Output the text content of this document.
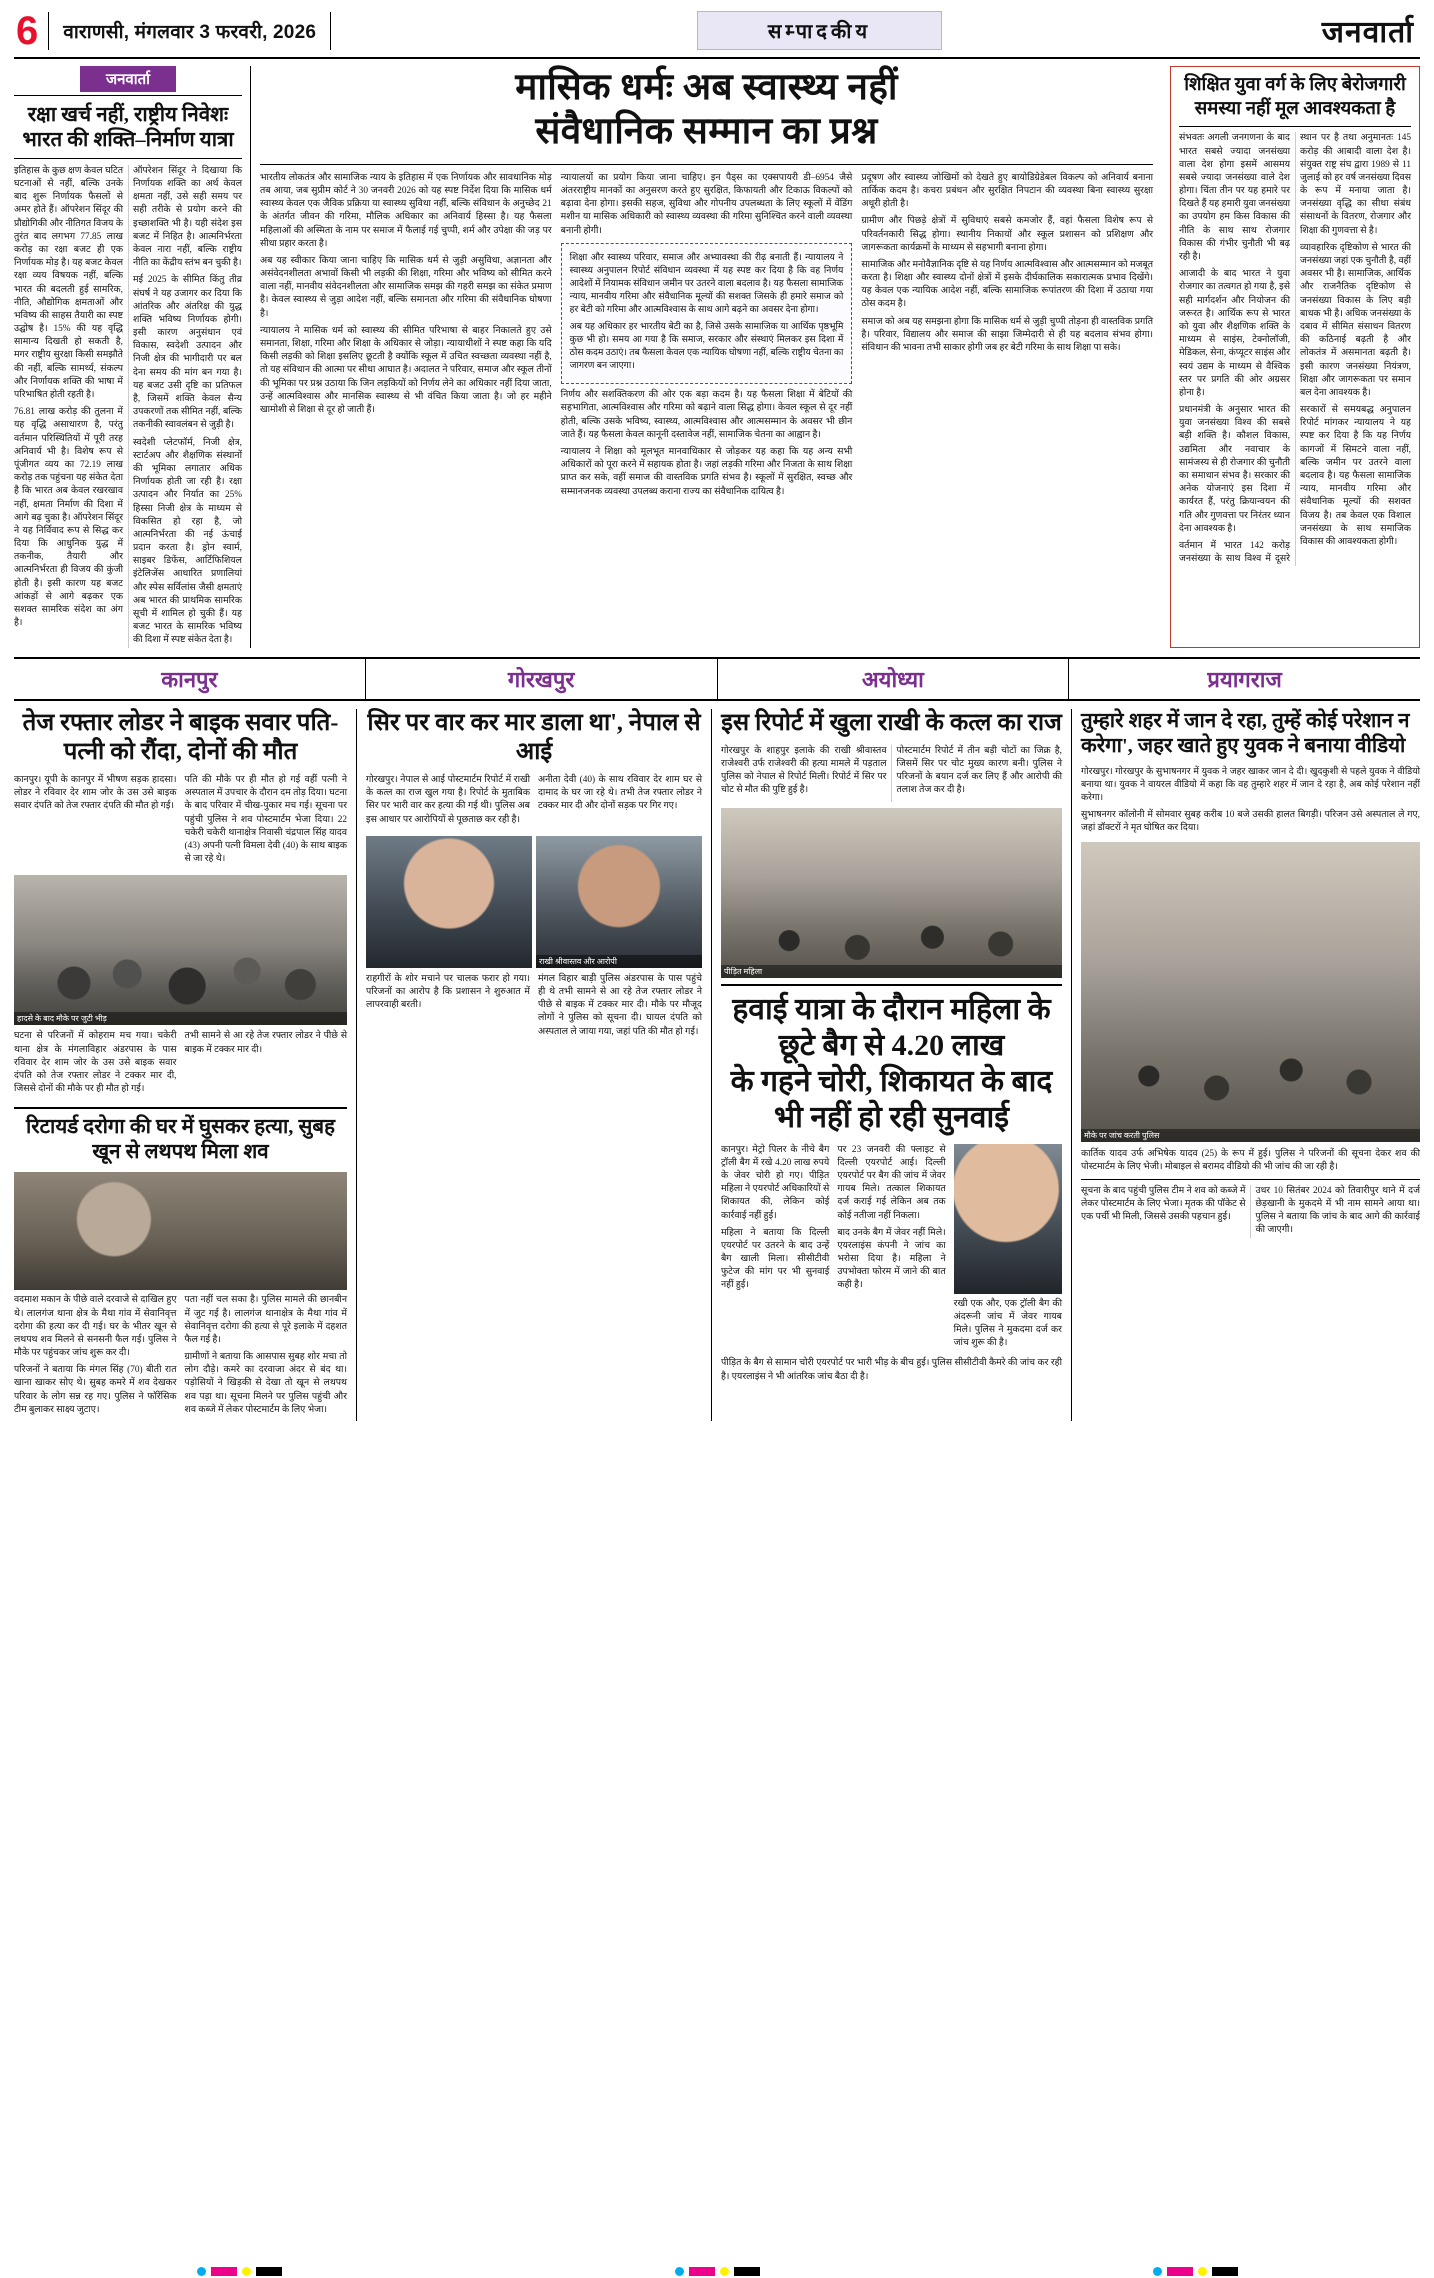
6	वाराणसी, मंगलवार 3 फरवरी, 2026	सम्पादकीय	जनवार्ता
जनवार्ता
रक्षा खर्च नहीं, राष्ट्रीय निवेशः
भारत की शक्ति–निर्माण यात्रा

इतिहास के कुछ क्षण केवल घटित घटनाओं से नहीं, बल्कि उनके बाद शुरू निर्णायक फैसलों से अमर होते हैं। ऑपरेशन सिंदूर की प्रौद्योगिकी और नीतिगत विजय के तुरंत बाद लगभग 77.85 लाख करोड़ का रक्षा बजट ही एक निर्णायक मोड़ है। यह बजट केवल रक्षा व्यय विषयक नहीं, बल्कि भारत की बदलती हुई सामरिक, नीति, औद्योगिक क्षमताओं और भविष्य की साहस तैयारी का स्पष्ट उद्घोष है। 15% की यह वृद्धि सामान्य दिखती हो सकती है, मगर राष्ट्रीय सुरक्षा किसी समझौते की नहीं, बल्कि सामर्थ्य, संकल्प और निर्णायक शक्ति की भाषा में परिभाषित होती रहती है।

76.81 लाख करोड़ की तुलना में यह वृद्धि असाधारण है, परंतु वर्तमान परिस्थितियों में पूरी तरह अनिवार्य भी है। विशेष रूप से पूंजीगत व्यय का 72.19 लाख करोड़ तक पहुंचना यह संकेत देता है कि भारत अब केवल रखरखाव नहीं, क्षमता निर्माण की दिशा में आगे बढ़ चुका है। ऑपरेशन सिंदूर ने यह निर्विवाद रूप से सिद्ध कर दिया कि आधुनिक युद्ध में तकनीक, तैयारी और आत्मनिर्भरता ही विजय की कुंजी होती है। इसी कारण यह बजट आंकड़ों से आगे बढ़कर एक सशक्त सामरिक संदेश का अंग है।

ऑपरेशन सिंदूर ने दिखाया कि निर्णायक शक्ति का अर्थ केवल क्षमता नहीं, उसे सही समय पर सही तरीके से प्रयोग करने की इच्छाशक्ति भी है। यही संदेश इस बजट में निहित है। आत्मनिर्भरता केवल नारा नहीं, बल्कि राष्ट्रीय नीति का केंद्रीय स्तंभ बन चुकी है।

मई 2025 के सीमित किंतु तीव्र संघर्ष ने यह उजागर कर दिया कि आंतरिक और अंतरिक्ष की युद्ध शक्ति भविष्य निर्णायक होगी। इसी कारण अनुसंधान एवं विकास, स्वदेशी उत्पादन और निजी क्षेत्र की भागीदारी पर बल देना समय की मांग बन गया है। यह बजट उसी दृष्टि का प्रतिफल है, जिसमें शक्ति केवल सैन्य उपकरणों तक सीमित नहीं, बल्कि तकनीकी स्वावलंबन से जुड़ी है।

स्वदेशी प्लेटफॉर्म, निजी क्षेत्र, स्टार्टअप और शैक्षणिक संस्थानों की भूमिका लगातार अधिक निर्णायक होती जा रही है। रक्षा उत्पादन और निर्यात का 25% हिस्सा निजी क्षेत्र के माध्यम से विकसित हो रहा है, जो आत्मनिर्भरता की नई ऊंचाई प्रदान करता है। ड्रोन स्वार्म, साइबर डिफेंस, आर्टिफिशियल इंटेलिजेंस आधारित प्रणालियां और स्पेस सर्विलांस जैसी क्षमताएं अब भारत की प्राथमिक सामरिक सूची में शामिल हो चुकी हैं। यह बजट भारत के सामरिक भविष्य की दिशा में स्पष्ट संकेत देता है।

मासिक धर्मः अब स्वास्थ्य नहीं
संवैधानिक सम्मान का प्रश्न

भारतीय लोकतंत्र और सामाजिक न्याय के इतिहास में एक निर्णायक और सावधानिक मोड़ तब आया, जब सुप्रीम कोर्ट ने 30 जनवरी 2026 को यह स्पष्ट निर्देश दिया कि मासिक धर्म स्वास्थ्य केवल एक जैविक प्रक्रिया या स्वास्थ्य सुविधा नहीं, बल्कि संविधान के अनुच्छेद 21 के अंतर्गत जीवन की गरिमा, मौलिक अधिकार का अनिवार्य हिस्सा है। यह फैसला महिलाओं की अस्मिता के नाम पर समाज में फैलाई गई चुप्पी, शर्म और उपेक्षा की जड़ पर सीधा प्रहार करता है।

अब यह स्वीकार किया जाना चाहिए कि मासिक धर्म से जुड़ी असुविधा, अज्ञानता और असंवेदनशीलता अभावों किसी भी लड़की की शिक्षा, गरिमा और भविष्य को सीमित करने वाला नहीं, मानवीय संवेदनशीलता और सामाजिक समझ की गहरी समझ का संकेत प्रमाण है। केवल स्वास्थ्य से जुड़ा आदेश नहीं, बल्कि समानता और गरिमा की संवैधानिक घोषणा है।

न्यायालय ने मासिक धर्म को स्वास्थ्य की सीमित परिभाषा से बाहर निकालते हुए उसे समानता, शिक्षा, गरिमा और शिक्षा के अधिकार से जोड़ा। न्यायाधीशों ने स्पष्ट कहा कि यदि किसी लड़की को शिक्षा इसलिए छूटती है क्योंकि स्कूल में उचित स्वच्छता व्यवस्था नहीं है, तो यह संविधान की आत्मा पर सीधा आघात है। अदालत ने परिवार, समाज और स्कूल तीनों की भूमिका पर प्रश्न उठाया कि जिन लड़कियों को निर्णय लेने का अधिकार नहीं दिया जाता, उन्हें आत्मविश्वास और मानसिक स्वास्थ्य से भी वंचित किया जाता है। जो हर महीने खामोशी से शिक्षा से दूर हो जाती हैं।

न्यायालयों का प्रयोग किया जाना चाहिए। इन पैड्स का एक्सपायरी डी–6954 जैसे अंतरराष्ट्रीय मानकों का अनुसरण करते हुए सुरक्षित, किफायती और टिकाऊ विकल्पों को बढ़ावा देना होगा। इसकी सहज, सुविधा और गोपनीय उपलब्धता के लिए स्कूलों में वेंडिंग मशीन या मासिक अधिकारी को स्वास्थ्य व्यवस्था की गरिमा सुनिश्चित करने वाली व्यवस्था बनानी होगी।

शिक्षा और स्वास्थ्य परिवार, समाज और अभ्यावस्था की रीढ़ बनाती हैं। न्यायालय ने स्वास्थ्य अनुपालन रिपोर्ट संविधान व्यवस्था में यह स्पष्ट कर दिया है कि वह निर्णय आदेशों में नियामक संविधान जमीन पर उतरने वाला बदलाव है। यह फैसला सामाजिक न्याय, मानवीय गरिमा और संवैधानिक मूल्यों की सशक्त जिसके ही हमारे समाज को हर बेटी को गरिमा और आत्मविश्वास के साथ आगे बढ़ने का अवसर देना होगा।

अब यह अधिकार हर भारतीय बेटी का है, जिसे उसके सामाजिक या आर्थिक पृष्ठभूमि कुछ भी हो। समय आ गया है कि समाज, सरकार और संस्थाएं मिलकर इस दिशा में ठोस कदम उठाएं। तब फैसला केवल एक न्यायिक घोषणा नहीं, बल्कि राष्ट्रीय चेतना का जागरण बन जाएगा।

निर्णय और सशक्तिकरण की ओर एक बड़ा कदम है। यह फैसला शिक्षा में बेटियों की सहभागिता, आत्मविश्वास और गरिमा को बढ़ाने वाला सिद्ध होगा। केवल स्कूल से दूर नहीं होती, बल्कि उसके भविष्य, स्वास्थ्य, आत्मविश्वास और आत्मसम्मान के अवसर भी छीन जाते हैं। यह फैसला केवल कानूनी दस्तावेज नहीं, सामाजिक चेतना का आह्वान है।

न्यायालय ने शिक्षा को मूलभूत मानवाधिकार से जोड़कर यह कहा कि यह अन्य सभी अधिकारों को पूरा करने में सहायक होता है। जहां लड़की गरिमा और निजता के साथ शिक्षा प्राप्त कर सके, वहीं समाज की वास्तविक प्रगति संभव है। स्कूलों में सुरक्षित, स्वच्छ और सम्मानजनक व्यवस्था उपलब्ध कराना राज्य का संवैधानिक दायित्व है।

प्रदूषण और स्वास्थ्य जोखिमों को देखते हुए बायोडिग्रेडेबल विकल्प को अनिवार्य बनाना तार्किक कदम है। कचरा प्रबंधन और सुरक्षित निपटान की व्यवस्था बिना स्वास्थ्य सुरक्षा अधूरी होती है।

ग्रामीण और पिछड़े क्षेत्रों में सुविधाएं सबसे कमजोर हैं, वहां फैसला विशेष रूप से परिवर्तनकारी सिद्ध होगा। स्थानीय निकायों और स्कूल प्रशासन को प्रशिक्षण और जागरूकता कार्यक्रमों के माध्यम से सहभागी बनाना होगा।

सामाजिक और मनोवैज्ञानिक दृष्टि से यह निर्णय आत्मविश्वास और आत्मसम्मान को मजबूत करता है। शिक्षा और स्वास्थ्य दोनों क्षेत्रों में इसके दीर्घकालिक सकारात्मक प्रभाव दिखेंगे। यह केवल एक न्यायिक आदेश नहीं, बल्कि सामाजिक रूपांतरण की दिशा में उठाया गया ठोस कदम है।

समाज को अब यह समझना होगा कि मासिक धर्म से जुड़ी चुप्पी तोड़ना ही वास्तविक प्रगति है। परिवार, विद्यालय और समाज की साझा जिम्मेदारी से ही यह बदलाव संभव होगा। संविधान की भावना तभी साकार होगी जब हर बेटी गरिमा के साथ शिक्षा पा सके।

शिक्षित युवा वर्ग के लिए बेरोजगारी
समस्या नहीं मूल आवश्यकता है

संभवतः अगली जनगणना के बाद भारत सबसे ज्यादा जनसंख्या वाला देश होगा इसमें आसमय सबसे ज्यादा जनसंख्या वाले देश होगा। चिंता तीन पर यह हमारे पर दिखते हैं यह हमारी युवा जनसंख्या का उपयोग हम किस विकास की नीति के साथ साथ रोजगार विकास की गंभीर चुनौती भी बढ़ रही है।

आजादी के बाद भारत ने युवा रोजगार का तत्वगत हो गया है, इसे सही मार्गदर्शन और नियोजन की जरूरत है। आर्थिक रूप से भारत को युवा और शैक्षणिक शक्ति के माध्यम से साइंस, टेक्नोलॉजी, मेडिकल, सेना, कंप्यूटर साइंस और स्वयं उद्यम के माध्यम से वैश्विक स्तर पर प्रगति की ओर अग्रसर होना है।

प्रधानमंत्री के अनुसार भारत की युवा जनसंख्या विश्व की सबसे बड़ी शक्ति है। कौशल विकास, उद्यमिता और नवाचार के सामंजस्य से ही रोजगार की चुनौती का समाधान संभव है। सरकार की अनेक योजनाएं इस दिशा में कार्यरत हैं, परंतु क्रियान्वयन की गति और गुणवत्ता पर निरंतर ध्यान देना आवश्यक है।

वर्तमान में भारत 142 करोड़ जनसंख्या के साथ विश्व में दूसरे स्थान पर है तथा अनुमानतः 145 करोड़ की आबादी वाला देश है। संयुक्त राष्ट्र संघ द्वारा 1989 से 11 जुलाई को हर वर्ष जनसंख्या दिवस के रूप में मनाया जाता है। जनसंख्या वृद्धि का सीधा संबंध संसाधनों के वितरण, रोजगार और शिक्षा की गुणवत्ता से है।

व्यावहारिक दृष्टिकोण से भारत की जनसंख्या जहां एक चुनौती है, वहीं अवसर भी है। सामाजिक, आर्थिक और राजनैतिक दृष्टिकोण से जनसंख्या विकास के लिए बड़ी बाधक भी है। अधिक जनसंख्या के दबाव में सीमित संसाधन वितरण की कठिनाई बढ़ती है और लोकतंत्र में असमानता बढ़ती है। इसी कारण जनसंख्या नियंत्रण, शिक्षा और जागरूकता पर समान बल देना आवश्यक है।

सरकारों से समयबद्ध अनुपालन रिपोर्ट मांगकर न्यायालय ने यह स्पष्ट कर दिया है कि यह निर्णय कागजों में सिमटने वाला नहीं, बल्कि जमीन पर उतरने वाला बदलाव है। यह फैसला सामाजिक न्याय, मानवीय गरिमा और संवैधानिक मूल्यों की सशक्त विजय है। तब केवल एक विशाल जनसंख्या के साथ समाजिक विकास की आवश्यकता होगी।

कानपुर	गोरखपुर	अयोध्या	प्रयागराज
तेज रफ्तार लोडर ने बाइक सवार पति-पत्नी को रौंदा, दोनों की मौत

कानपुर। यूपी के कानपुर में भीषण सड़क हादसा। लोडर ने रविवार देर शाम जोर के उस उसे बाइक सवार दंपति को तेज रफ्तार दंपति की मौत हो गई।

पति की मौके पर ही मौत हो गई वहीं पत्नी ने अस्पताल में उपचार के दौरान दम तोड़ दिया। घटना के बाद परिवार में चीख-पुकार मच गई। सूचना पर पहुंची पुलिस ने शव पोस्टमार्टम भेजा दिया। 22 चकेरी चकेरी थानाक्षेत्र निवासी चंद्रपाल सिंह यादव (43) अपनी पत्नी विमला देवी (40) के साथ बाइक से जा रहे थे।

हादसे के बाद मौके पर जुटी भीड़

घटना से परिजनों में कोहराम मच गया। चकेरी थाना क्षेत्र के मंगलाविहार अंडरपास के पास रविवार देर शाम जोर के उस उसे बाइक सवार दंपति को तेज रफ्तार लोडर ने टक्कर मार दी, जिससे दोनों की मौके पर ही मौत हो गई।

तभी सामने से आ रहे तेज रफ्तार लोडर ने पीछे से बाइक में टक्कर मार दी।

रिटायर्ड दरोगा की घर में घुसकर हत्या, सुबह खून से लथपथ मिला शव

वदमाश मकान के पीछे वाले दरवाजे से दाखिल हुए थे। लालगंज थाना क्षेत्र के मैथा गांव में सेवानिवृत्त दरोगा की हत्या कर दी गई। घर के भीतर खून से लथपथ शव मिलने से सनसनी फैल गई। पुलिस ने मौके पर पहुंचकर जांच शुरू कर दी।

परिजनों ने बताया कि मंगल सिंह (70) बीती रात खाना खाकर सोए थे। सुबह कमरे में शव देखकर परिवार के लोग सन्न रह गए। पुलिस ने फॉरेंसिक टीम बुलाकर साक्ष्य जुटाए।

पता नहीं चल सका है। पुलिस मामले की छानबीन में जुट गई है। लालगंज थानाक्षेत्र के मैथा गांव में सेवानिवृत्त दरोगा की हत्या से पूरे इलाके में दहशत फैल गई है।

ग्रामीणों ने बताया कि आसपास सुबह शोर मचा तो लोग दौड़े। कमरे का दरवाजा अंदर से बंद था। पड़ोसियों ने खिड़की से देखा तो खून से लथपथ शव पड़ा था। सूचना मिलने पर पुलिस पहुंची और शव कब्जे में लेकर पोस्टमार्टम के लिए भेजा।

सिर पर वार कर मार डाला था', नेपाल से आई

गोरखपुर। नेपाल से आई पोस्टमार्टम रिपोर्ट में राखी के कत्ल का राज खुल गया है। रिपोर्ट के मुताबिक सिर पर भारी वार कर हत्या की गई थी। पुलिस अब इस आधार पर आरोपियों से पूछताछ कर रही है।

अनीता देवी (40) के साथ रविवार देर शाम घर से दामाद के घर जा रहे थे। तभी तेज रफ्तार लोडर ने टक्कर मार दी और दोनों सड़क पर गिर गए।

राखी श्रीवास्तव और आरोपी

राहगीरों के शोर मचाने पर चालक फरार हो गया। परिजनों का आरोप है कि प्रशासन ने शुरुआत में लापरवाही बरती।

मंगल विहार बाड़ी पुलिस अंडरपास के पास पहुंचे ही थे तभी सामने से आ रहे तेज रफ्तार लोडर ने पीछे से बाइक में टक्कर मार दी। मौके पर मौजूद लोगों ने पुलिस को सूचना दी। घायल दंपति को अस्पताल ले जाया गया, जहां पति की मौत हो गई।

इस रिपोर्ट में खुला राखी के कत्ल का राज

गोरखपुर के शाहपुर इलाके की राखी श्रीवास्तव राजेश्वरी उर्फ राजेश्वरी की हत्या मामले में पड़ताल पुलिस को नेपाल से रिपोर्ट मिली। रिपोर्ट में सिर पर चोट से मौत की पुष्टि हुई है।

पोस्टमार्टम रिपोर्ट में तीन बड़ी चोटों का जिक्र है, जिसमें सिर पर चोट मुख्य कारण बनी। पुलिस ने परिजनों के बयान दर्ज कर लिए हैं और आरोपी की तलाश तेज कर दी है।

पीड़ित महिला
हवाई यात्रा के दौरान महिला के छूटे बैग से 4.20 लाख
के गहने चोरी, शिकायत के बाद भी नहीं हो रही सुनवाई

कानपुर। मेट्रो पिलर के नीचे बैग ट्रॉली बैग में रखे 4.20 लाख रुपये के जेवर चोरी हो गए। पीड़ित महिला ने एयरपोर्ट अधिकारियों से शिकायत की, लेकिन कोई कार्रवाई नहीं हुई।

महिला ने बताया कि दिल्ली एयरपोर्ट पर उतरने के बाद उन्हें बैग खाली मिला। सीसीटीवी फुटेज की मांग पर भी सुनवाई नहीं हुई।

पर 23 जनवरी की फ्लाइट से दिल्ली एयरपोर्ट आई। दिल्ली एयरपोर्ट पर बैग की जांच में जेवर गायब मिले। तत्काल शिकायत दर्ज कराई गई लेकिन अब तक कोई नतीजा नहीं निकला।

बाद उनके बैग में जेवर नहीं मिले। एयरलाइंस कंपनी ने जांच का भरोसा दिया है। महिला ने उपभोक्ता फोरम में जाने की बात कही है।

रखी एक और, एक ट्रॉली बैग की अंदरूनी जांच में जेवर गायब मिले। पुलिस ने मुकदमा दर्ज कर जांच शुरू की है।

पीड़ित के बैग से सामान चोरी एयरपोर्ट पर भारी भीड़ के बीच हुई। पुलिस सीसीटीवी कैमरे की जांच कर रही है। एयरलाइंस ने भी आंतरिक जांच बैठा दी है।

तुम्हारे शहर में जान दे रहा, तुम्हें कोई परेशान न
करेगा', जहर खाते हुए युवक ने बनाया वीडियो

गोरखपुर। गोरखपुर के सुभाषनगर में युवक ने जहर खाकर जान दे दी। खुदकुशी से पहले युवक ने वीडियो बनाया था। युवक ने वायरल वीडियो में कहा कि वह तुम्हारे शहर में जान दे रहा है, अब कोई परेशान नहीं करेगा।

सुभाषनगर कॉलोनी में सोमवार सुबह करीब 10 बजे उसकी हालत बिगड़ी। परिजन उसे अस्पताल ले गए, जहां डॉक्टरों ने मृत घोषित कर दिया।

मौके पर जांच करती पुलिस

कार्तिक यादव उर्फ अभिषेक यादव (25) के रूप में हुई। पुलिस ने परिजनों की सूचना देकर शव की पोस्टमार्टम के लिए भेजी। मोबाइल से बरामद वीडियो की भी जांच की जा रही है।

सूचना के बाद पहुंची पुलिस टीम ने शव को कब्जे में लेकर पोस्टमार्टम के लिए भेजा। मृतक की पॉकेट से एक पर्ची भी मिली, जिससे उसकी पहचान हुई।

उधर 10 सितंबर 2024 को तिवारीपुर थाने में दर्ज छेड़खानी के मुकदमे में भी नाम सामने आया था। पुलिस ने बताया कि जांच के बाद आगे की कार्रवाई की जाएगी।
